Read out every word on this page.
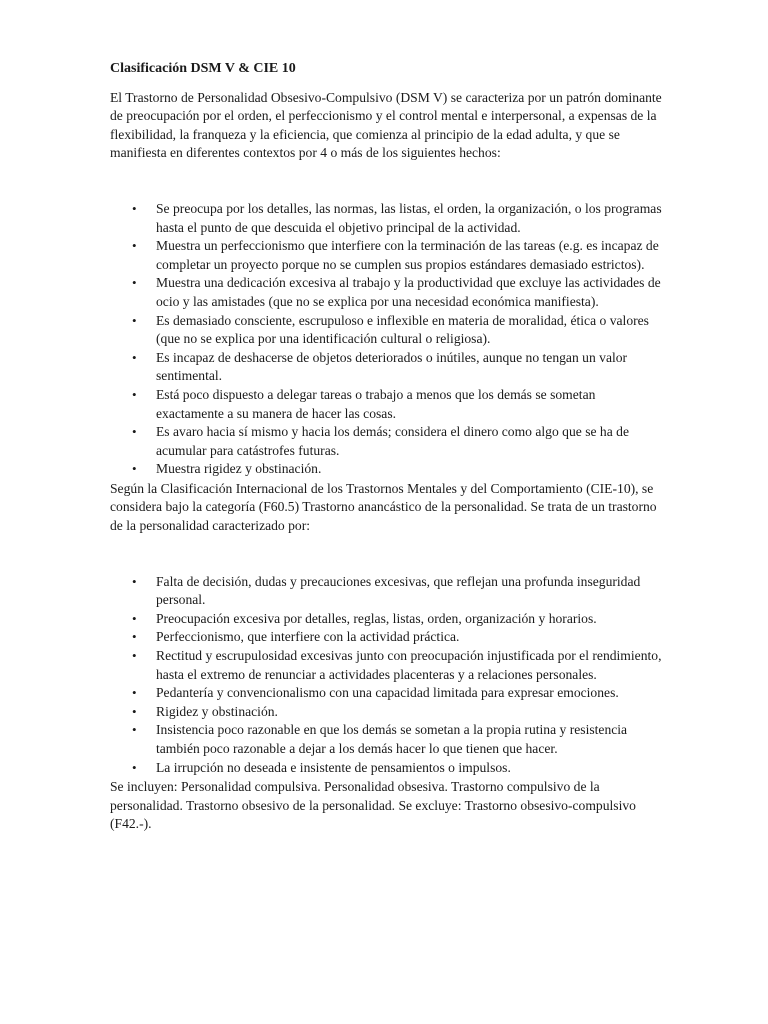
Clasificación DSM V & CIE 10

El Trastorno de Personalidad Obsesivo-Compulsivo (DSM V) se caracteriza por un patrón dominante de preocupación por el orden, el perfeccionismo y el control mental e interpersonal, a expensas de la flexibilidad, la franqueza y la eficiencia, que comienza al principio de la edad adulta, y que se manifiesta en diferentes contextos por 4 o más de los siguientes hechos:

• Se preocupa por los detalles, las normas, las listas, el orden, la organización, o los programas hasta el punto de que descuida el objetivo principal de la actividad.
• Muestra un perfeccionismo que interfiere con la terminación de las tareas (e.g. es incapaz de completar un proyecto porque no se cumplen sus propios estándares demasiado estrictos).
• Muestra una dedicación excesiva al trabajo y la productividad que excluye las actividades de ocio y las amistades (que no se explica por una necesidad económica manifiesta).
• Es demasiado consciente, escrupuloso e inflexible en materia de moralidad, ética o valores (que no se explica por una identificación cultural o religiosa).
• Es incapaz de deshacerse de objetos deteriorados o inútiles, aunque no tengan un valor sentimental.
• Está poco dispuesto a delegar tareas o trabajo a menos que los demás se sometan exactamente a su manera de hacer las cosas.
• Es avaro hacia sí mismo y hacia los demás; considera el dinero como algo que se ha de acumular para catástrofes futuras.
• Muestra rigidez y obstinación.

Según la Clasificación Internacional de los Trastornos Mentales y del Comportamiento (CIE-10), se considera bajo la categoría (F60.5) Trastorno anancástico de la personalidad. Se trata de un trastorno de la personalidad caracterizado por:

• Falta de decisión, dudas y precauciones excesivas, que reflejan una profunda inseguridad personal.
• Preocupación excesiva por detalles, reglas, listas, orden, organización y horarios.
• Perfeccionismo, que interfiere con la actividad práctica.
• Rectitud y escrupulosidad excesivas junto con preocupación injustificada por el rendimiento, hasta el extremo de renunciar a actividades placenteras y a relaciones personales.
• Pedantería y convencionalismo con una capacidad limitada para expresar emociones.
• Rigidez y obstinación.
• Insistencia poco razonable en que los demás se sometan a la propia rutina y resistencia también poco razonable a dejar a los demás hacer lo que tienen que hacer.
• La irrupción no deseada e insistente de pensamientos o impulsos.

Se incluyen: Personalidad compulsiva. Personalidad obsesiva. Trastorno compulsivo de la personalidad. Trastorno obsesivo de la personalidad. Se excluye: Trastorno obsesivo-compulsivo (F42.-).
